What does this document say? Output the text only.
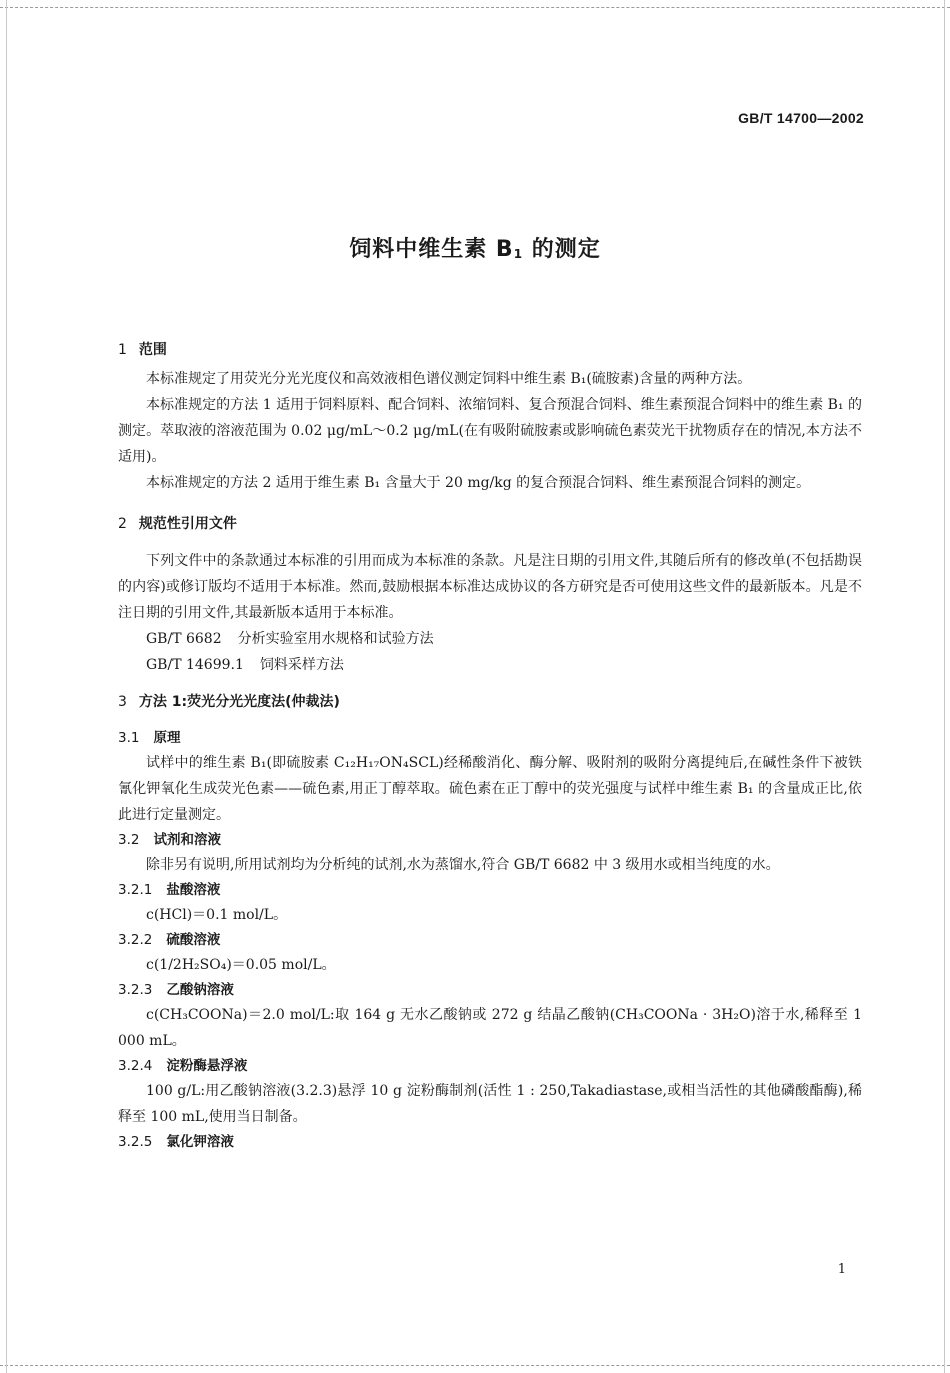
GB/T 14700—2002
饲料中维生素 $B_1$ 的测定
1 范围

本标准规定了用荧光分光光度仪和高效液相色谱仪测定饲料中维生素 B₁(硫胺素)含量的两种方法。

本标准规定的方法 1 适用于饲料原料、配合饲料、浓缩饲料、复合预混合饲料、维生素预混合饲料中的维生素 B₁ 的测定。萃取液的溶液范围为 0.02 μg/mL～0.2 μg/mL(在有吸附硫胺素或影响硫色素荧光干扰物质存在的情况,本方法不适用)。

本标准规定的方法 2 适用于维生素 B₁ 含量大于 20 mg/kg 的复合预混合饲料、维生素预混合饲料的测定。

2 规范性引用文件

下列文件中的条款通过本标准的引用而成为本标准的条款。凡是注日期的引用文件,其随后所有的修改单(不包括勘误的内容)或修订版均不适用于本标准。然而,鼓励根据本标准达成协议的各方研究是否可使用这些文件的最新版本。凡是不注日期的引用文件,其最新版本适用于本标准。

GB/T 6682 分析实验室用水规格和试验方法
GB/T 14699.1 饲料采样方法
3 方法 1:荧光分光光度法(仲裁法)
3.1 原理

试样中的维生素 B₁(即硫胺素 C₁₂H₁₇ON₄SCL)经稀酸消化、酶分解、吸附剂的吸附分离提纯后,在碱性条件下被铁氰化钾氧化生成荧光色素——硫色素,用正丁醇萃取。硫色素在正丁醇中的荧光强度与试样中维生素 B₁ 的含量成正比,依此进行定量测定。

3.2 试剂和溶液

除非另有说明,所用试剂均为分析纯的试剂,水为蒸馏水,符合 GB/T 6682 中 3 级用水或相当纯度的水。

3.2.1 盐酸溶液
c(HCl)＝0.1 mol/L。
3.2.2 硫酸溶液
c(1/2H₂SO₄)＝0.05 mol/L。
3.2.3 乙酸钠溶液

c(CH₃COONa)＝2.0 mol/L:取 164 g 无水乙酸钠或 272 g 结晶乙酸钠(CH₃COONa · 3H₂O)溶于水,稀释至 1 000 mL。

3.2.4 淀粉酶悬浮液

100 g/L:用乙酸钠溶液(3.2.3)悬浮 10 g 淀粉酶制剂(活性 1 : 250,Takadiastase,或相当活性的其他磷酸酯酶),稀释至 100 mL,使用当日制备。

3.2.5 氯化钾溶液
1
